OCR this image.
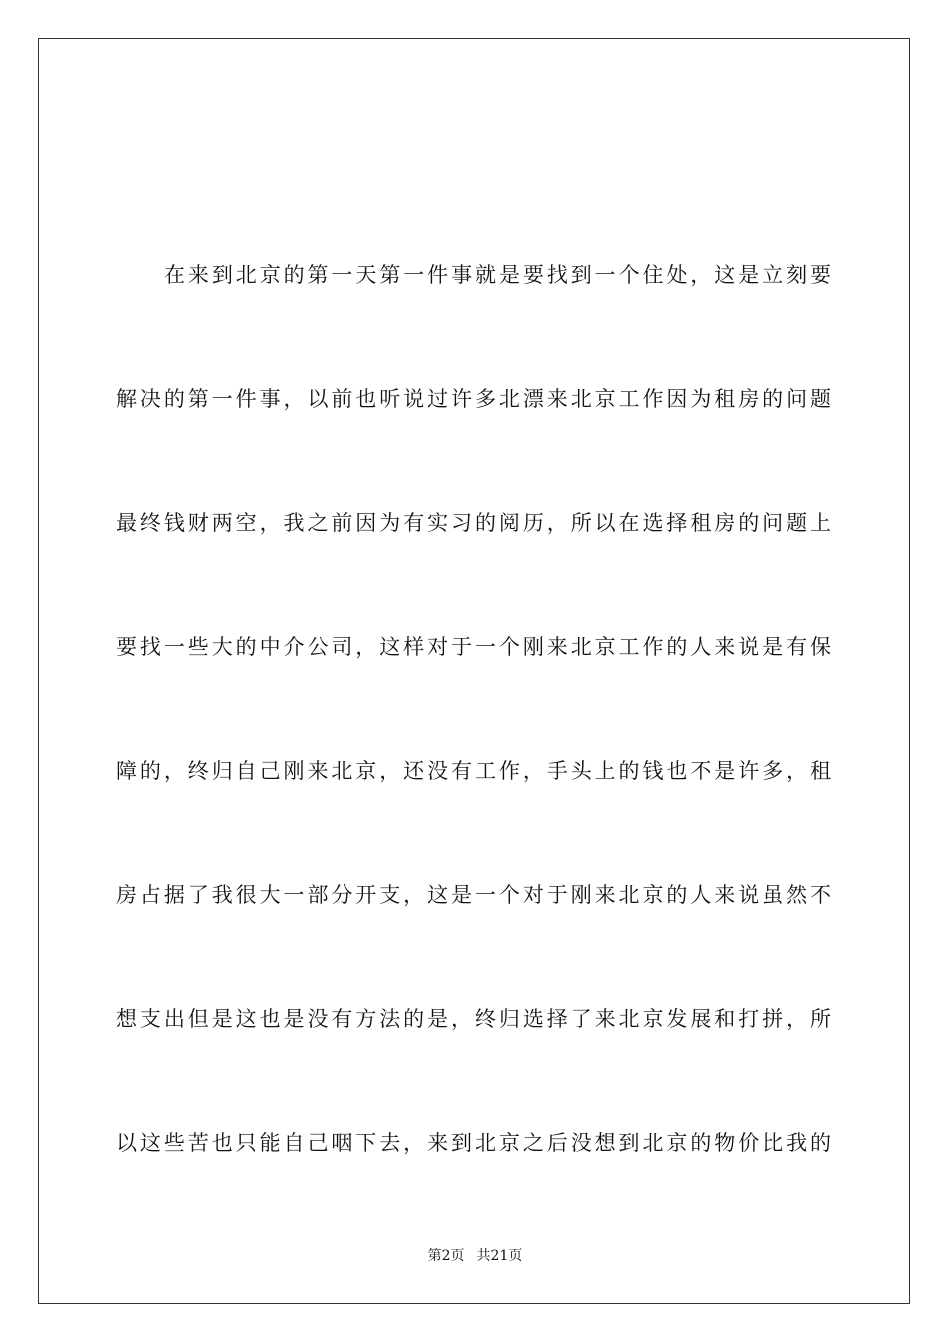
在来到北京的第一天第一件事就是要找到一个住处，这是立刻要
解决的第一件事，以前也听说过许多北漂来北京工作因为租房的问题
最终钱财两空，我之前因为有实习的阅历，所以在选择租房的问题上
要找一些大的中介公司，这样对于一个刚来北京工作的人来说是有保
障的，终归自己刚来北京，还没有工作，手头上的钱也不是许多，租
房占据了我很大一部分开支，这是一个对于刚来北京的人来说虽然不
想支出但是这也是没有方法的是，终归选择了来北京发展和打拼，所
以这些苦也只能自己咽下去，来到北京之后没想到北京的物价比我的
第2页 共21页
